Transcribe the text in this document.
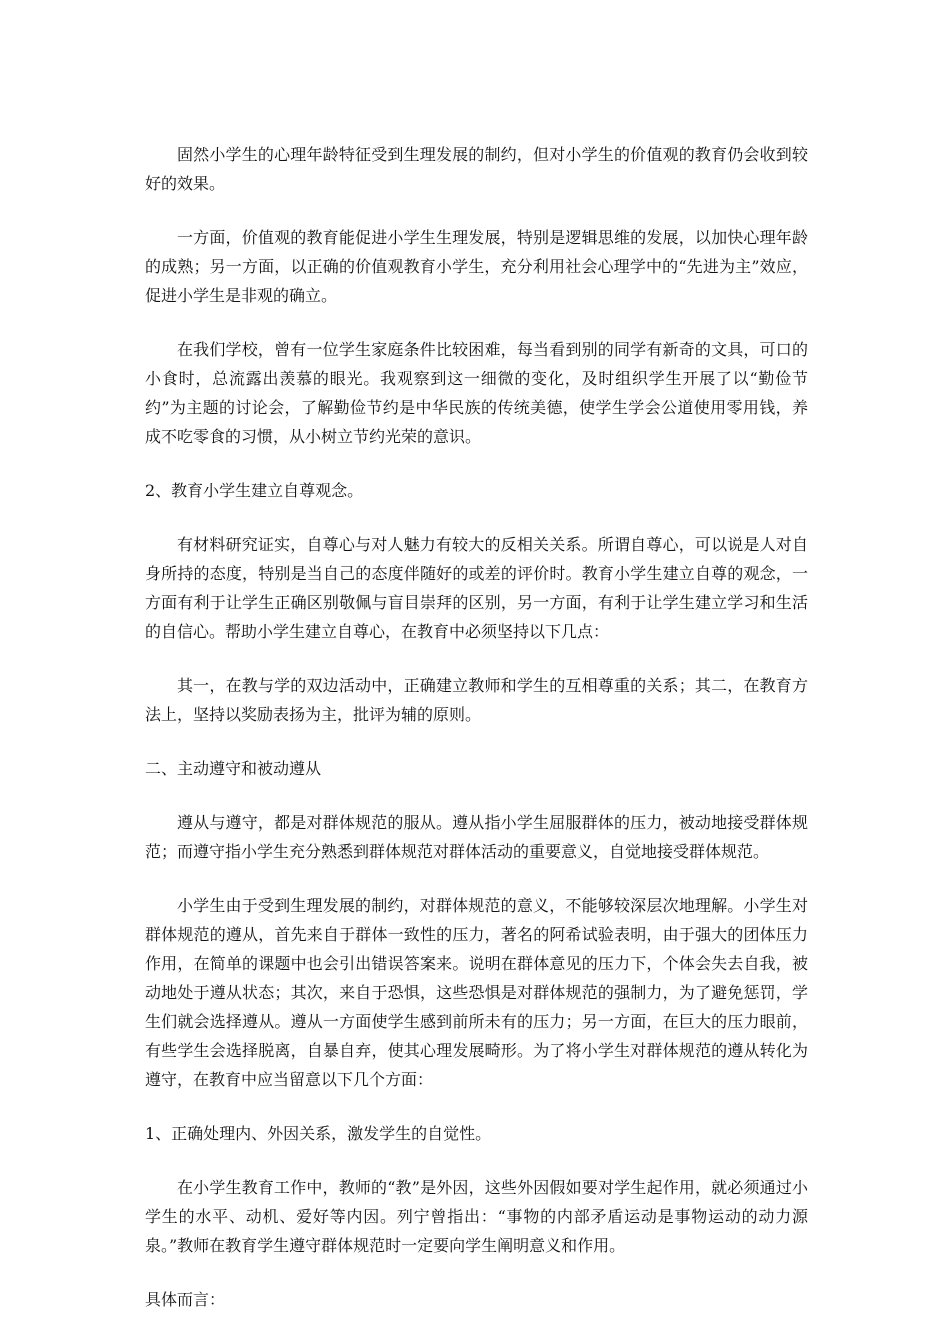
固然小学生的心理年龄特征受到生理发展的制约，但对小学生的价值观的教育仍会收到较好的效果。

一方面，价值观的教育能促进小学生生理发展，特别是逻辑思维的发展，以加快心理年龄的成熟；另一方面，以正确的价值观教育小学生，充分利用社会心理学中的“先进为主”效应，促进小学生是非观的确立。

在我们学校，曾有一位学生家庭条件比较困难，每当看到别的同学有新奇的文具，可口的小食时，总流露出羡慕的眼光。我观察到这一细微的变化，及时组织学生开展了以“勤俭节约”为主题的讨论会，了解勤俭节约是中华民族的传统美德，使学生学会公道使用零用钱，养成不吃零食的习惯，从小树立节约光荣的意识。

2、教育小学生建立自尊观念。

有材料研究证实，自尊心与对人魅力有较大的反相关关系。所谓自尊心，可以说是人对自身所持的态度，特别是当自己的态度伴随好的或差的评价时。教育小学生建立自尊的观念，一方面有利于让学生正确区别敬佩与盲目崇拜的区别，另一方面，有利于让学生建立学习和生活的自信心。帮助小学生建立自尊心，在教育中必须坚持以下几点：

其一，在教与学的双边活动中，正确建立教师和学生的互相尊重的关系；其二，在教育方法上，坚持以奖励表扬为主，批评为辅的原则。

二、主动遵守和被动遵从

遵从与遵守，都是对群体规范的服从。遵从指小学生屈服群体的压力，被动地接受群体规范；而遵守指小学生充分熟悉到群体规范对群体活动的重要意义，自觉地接受群体规范。

小学生由于受到生理发展的制约，对群体规范的意义，不能够较深层次地理解。小学生对群体规范的遵从，首先来自于群体一致性的压力，著名的阿希试验表明，由于强大的团体压力作用，在简单的课题中也会引出错误答案来。说明在群体意见的压力下，个体会失去自我，被动地处于遵从状态；其次，来自于恐惧，这些恐惧是对群体规范的强制力，为了避免惩罚，学生们就会选择遵从。遵从一方面使学生感到前所未有的压力；另一方面，在巨大的压力眼前，有些学生会选择脱离，自暴自弃，使其心理发展畸形。为了将小学生对群体规范的遵从转化为遵守，在教育中应当留意以下几个方面：

1、正确处理内、外因关系，激发学生的自觉性。

在小学生教育工作中，教师的“教”是外因，这些外因假如要对学生起作用，就必须通过小学生的水平、动机、爱好等内因。列宁曾指出：“事物的内部矛盾运动是事物运动的动力源泉。”教师在教育学生遵守群体规范时一定要向学生阐明意义和作用。

具体而言：
